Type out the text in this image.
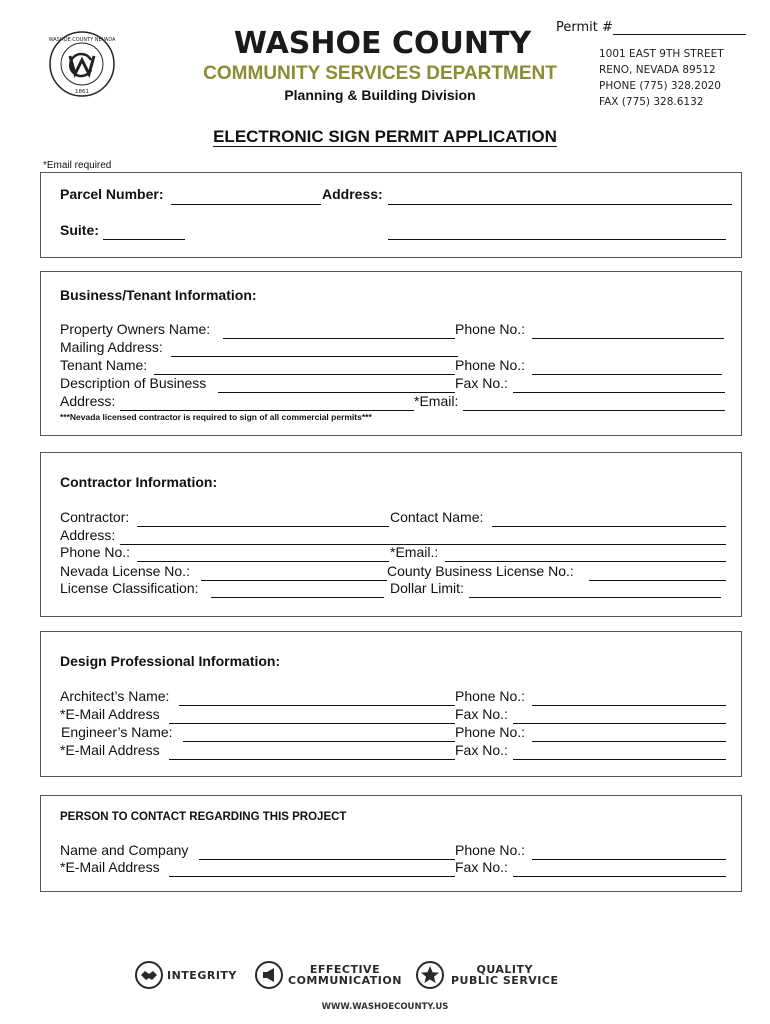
WASHOE COUNTY NEVADA
1861
WASHOE COUNTY
COMMUNITY SERVICES DEPARTMENT
Planning & Building Division
Permit #
1001 EAST 9TH STREET
RENO, NEVADA 89512
PHONE (775) 328.2020
FAX (775) 328.6132
ELECTRONIC SIGN PERMIT APPLICATION
*Email required
Parcel Number:	Address:
Suite:
Business/Tenant Information:
Property Owners Name:	Phone No.:
Mailing Address:
Tenant Name:	Phone No.:
Description of Business	Fax No.:
Address:	*Email:
***Nevada licensed contractor is required to sign of all commercial permits***
Contractor Information:
Contractor:	Contact Name:
Address:
Phone No.:	*Email.:
Nevada License No.:	County Business License No.:
License Classification:	Dollar Limit:
Design Professional Information:
Architect’s Name:	Phone No.:
*E-Mail Address	Fax No.:
Engineer’s Name:	Phone No.:
*E-Mail Address	Fax No.:
PERSON TO CONTACT REGARDING THIS PROJECT
Name and Company	Phone No.:
*E-Mail Address	Fax No.:
INTEGRITY	EFFECTIVE
COMMUNICATION
QUALITY
PUBLIC SERVICE
WWW.WASHOECOUNTY.US
